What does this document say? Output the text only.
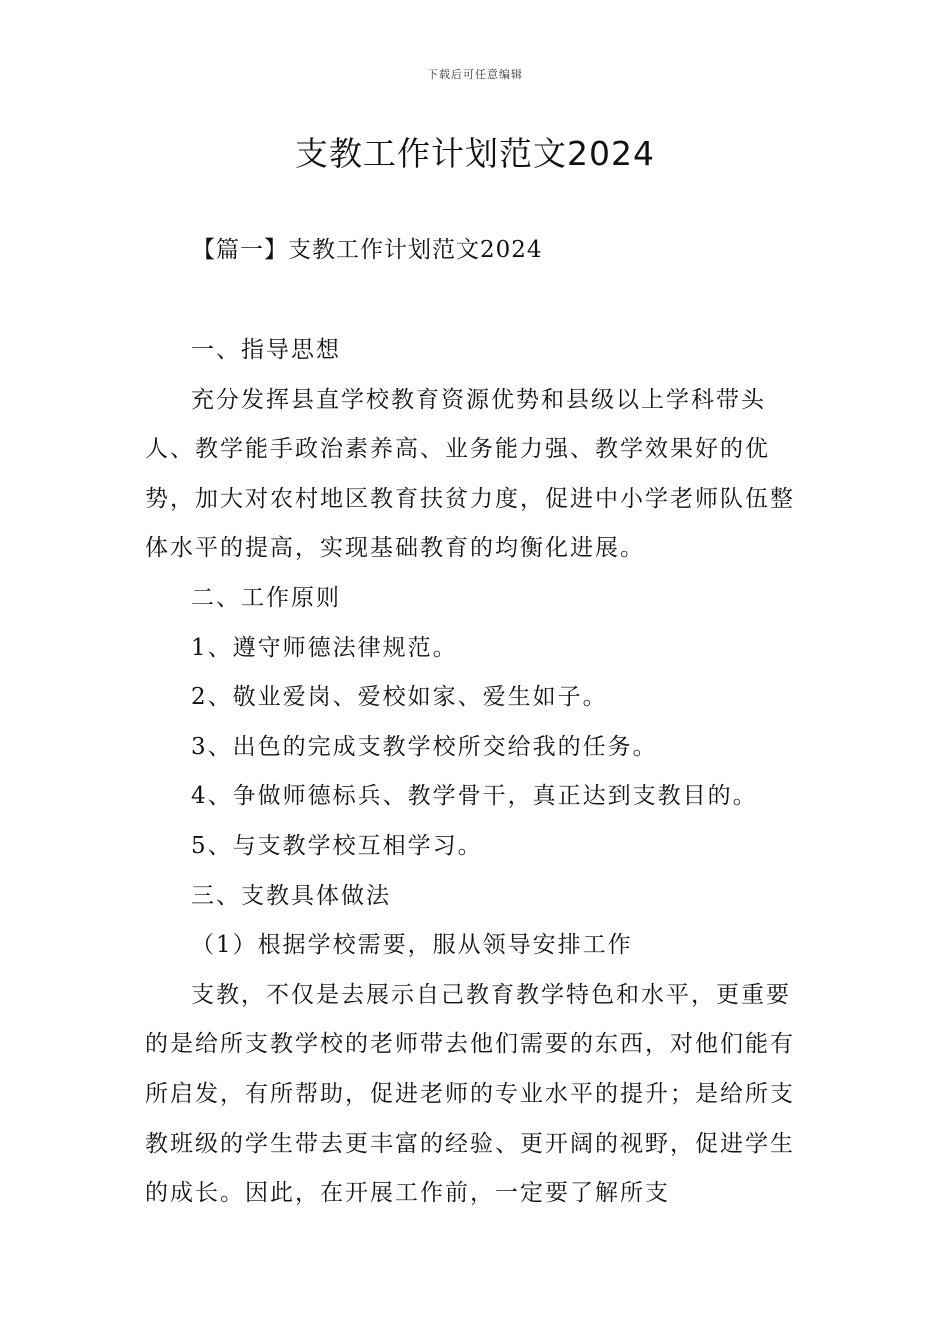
下载后可任意编辑
支教工作计划范文2024
【篇一】支教工作计划范文2024

一、指导思想

充分发挥县直学校教育资源优势和县级以上学科带头人、教学能手政治素养高、业务能力强、教学效果好的优势，加大对农村地区教育扶贫力度，促进中小学老师队伍整体水平的提高，实现基础教育的均衡化进展。

二、工作原则

1、遵守师德法律规范。

2、敬业爱岗、爱校如家、爱生如子。

3、出色的完成支教学校所交给我的任务。

4、争做师德标兵、教学骨干，真正达到支教目的。

5、与支教学校互相学习。

三、支教具体做法

（1）根据学校需要，服从领导安排工作

支教，不仅是去展示自己教育教学特色和水平，更重要的是给所支教学校的老师带去他们需要的东西，对他们能有所启发，有所帮助，促进老师的专业水平的提升；是给所支教班级的学生带去更丰富的经验、更开阔的视野，促进学生的成长。因此，在开展工作前，一定要了解所支
